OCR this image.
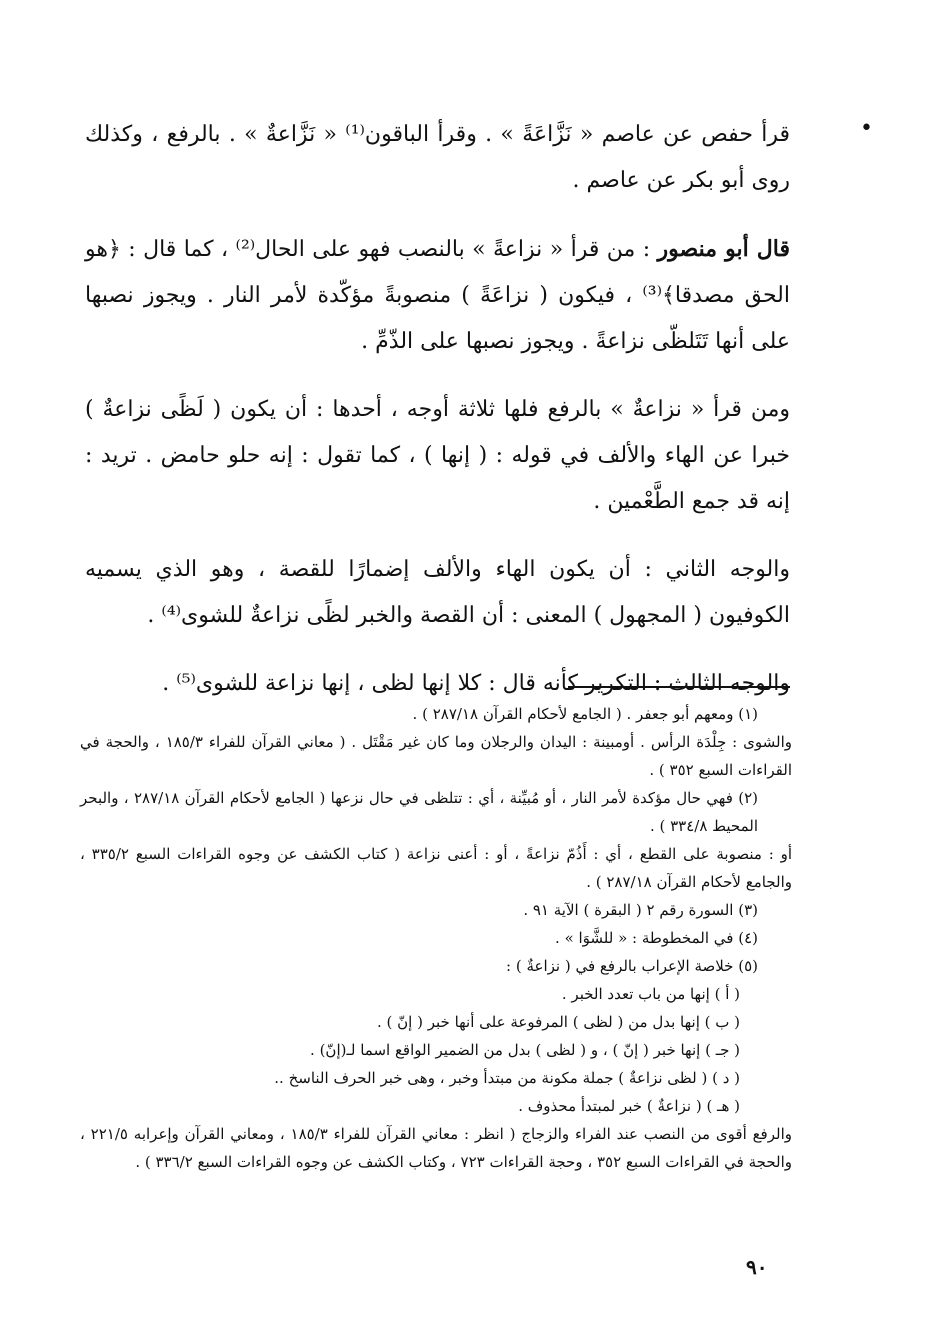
•

قرأ حفص عن عاصم « نَزَّاعَةً » . وقرأ الباقون⁽¹⁾ « نَزَّاعةٌ » . بالرفع ، وكذلك روى أبو بكر عن عاصم .

قال أبو منصور : من قرأ « نزاعةً » بالنصب فهو على الحال⁽²⁾ ، كما قال : ﴿هو الحق مصدقا﴾⁽³⁾ ، فيكون ( نزاعَةً ) منصوبةً مؤكّدة لأمر النار . ويجوز نصبها على أنها تَتَلظّى نزاعةً . ويجوز نصبها على الذّمِّ .

ومن قرأ « نزاعةٌ » بالرفع فلها ثلاثة أوجه ، أحدها : أن يكون ( لَظًى نزاعةٌ ) خبرا عن الهاء والألف في قوله : ( إنها ) ، كما تقول : إنه حلو حامض . تريد : إنه قد جمع الطَّعْمين .

والوجه الثاني : أن يكون الهاء والألف إضمارًا للقصة ، وهو الذي يسميه الكوفيون ( المجهول ) المعنى : أن القصة والخبر لظًى نزاعةٌ للشوى⁽⁴⁾ .

والوجه الثالث : التكرير كأنه قال : كلا إنها لظى ، إنها نزاعة للشوى⁽⁵⁾ .

(١) ومعهم أبو جعفر . ( الجامع لأحكام القرآن ٢٨٧/١٨ ) .

والشوى : جِلْدَة الرأس . أومبينة : اليدان والرجلان وما كان غير مَقْتَل . ( معاني القرآن للفراء ١٨٥/٣ ، والحجة في القراءات السبع ٣٥٢ ) .

(٢) فهي حال مؤكدة لأمر النار ، أو مُبيِّنة ، أي : تتلظى في حال نزعها ( الجامع لأحكام القرآن ٢٨٧/١٨ ، والبحر المحيط ٣٣٤/٨ ) .

أو : منصوبة على القطع ، أي : أَذُمّ نزاعةً ، أو : أعنى نزاعة ( كتاب الكشف عن وجوه القراءات السبع ٣٣٥/٢ ، والجامع لأحكام القرآن ٢٨٧/١٨ ) .

(٣) السورة رقم ٢ ( البقرة ) الآية ٩١ .

(٤) في المخطوطة : « للشَّوَا » .

(٥) خلاصة الإعراب بالرفع في ( نزاعةٌ ) :

( أ ) إنها من باب تعدد الخبر .

( ب ) إنها بدل من ( لظى ) المرفوعة على أنها خبر ( إنّ ) .

( جـ ) إنها خبر ( إنّ ) ، و ( لظى ) بدل من الضمير الواقع اسما لـ(إنّ) .

( د ) ( لظى نزاعةٌ ) جملة مكونة من مبتدأ وخبر ، وهى خبر الحرف الناسخ ..

( هـ ) ( نزاعةٌ ) خبر لمبتدأ محذوف .

والرفع أقوى من النصب عند الفراء والزجاج ( انظر : معاني القرآن للفراء ١٨٥/٣ ، ومعاني القرآن وإعرابه ٢٢١/٥ ، والحجة في القراءات السبع ٣٥٢ ، وحجة القراءات ٧٢٣ ، وكتاب الكشف عن وجوه القراءات السبع ٣٣٦/٢ ) .

٩٠
